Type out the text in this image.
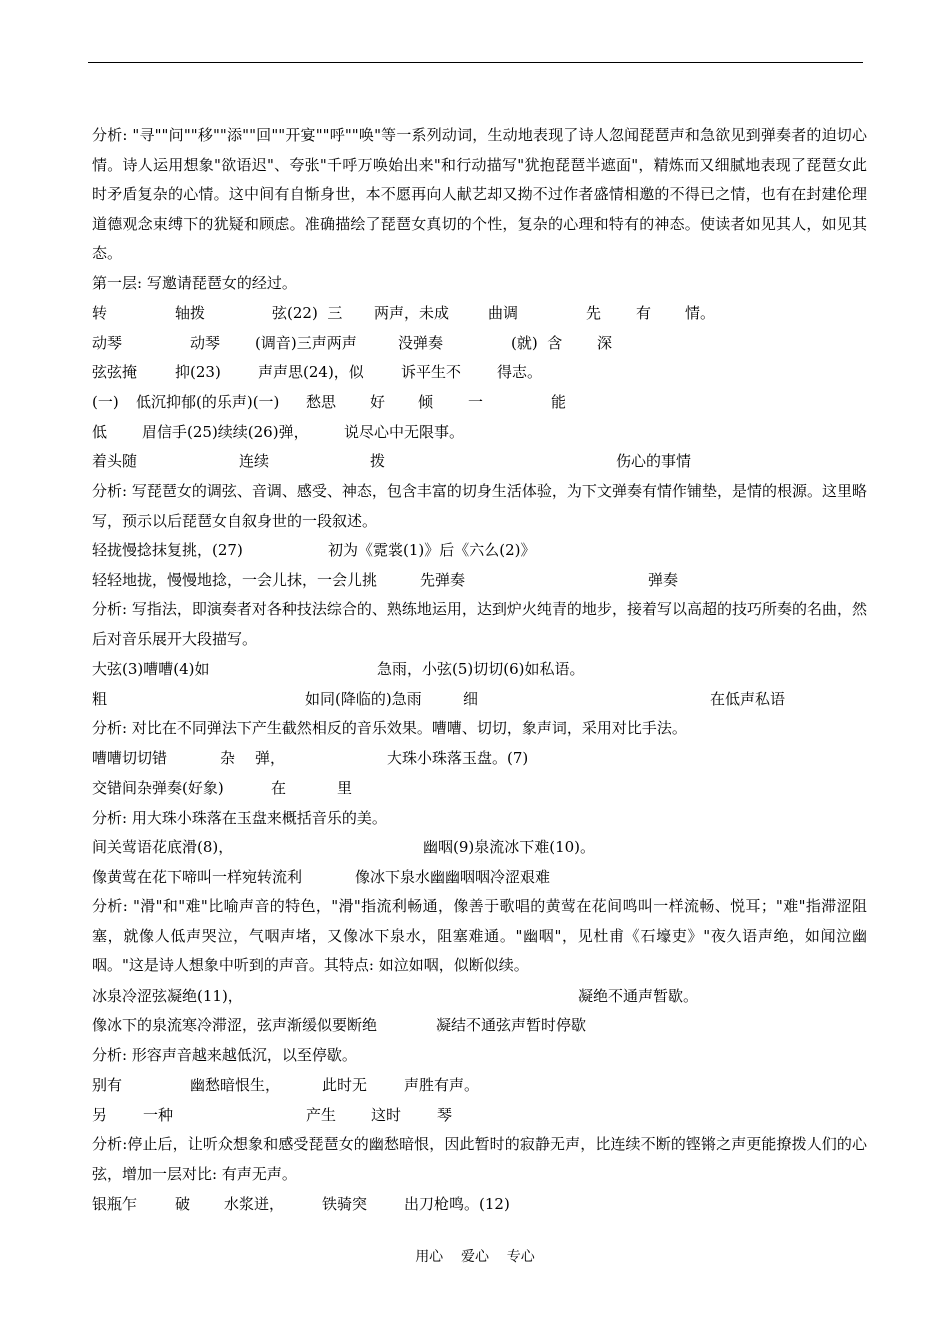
分析: "寻""问""移""添""回""开宴""呼""唤"等一系列动词，生动地表现了诗人忽闻琵琶声和急欲见到弹奏者的迫切心情。诗人运用想象"欲语迟"、夸张"千呼万唤始出来"和行动描写"犹抱琵琶半遮面"，精炼而又细腻地表现了琵琶女此时矛盾复杂的心情。这中间有自惭身世，本不愿再向人献艺却又拗不过作者盛情相邀的不得已之情，也有在封建伦理道德观念束缚下的犹疑和顾虑。准确描绘了琵琶女真切的个性，复杂的心理和特有的神态。使读者如见其人，如见其态。
第一层: 写邀请琵琶女的经过。
转	轴拨	弦(22)  三 两声，未成	曲调	先 有 情。
动琴	动琴 (调音)三声两声	没弹奏	(就)  含 深
弦弦掩	抑(23) 声声思(24)，似 诉平生不 得志。
(一) 低沉抑郁(的乐声)(一) 愁思 好 倾 一	能
低 眉信手(25)续续(26)弹， 说尽心中无限事。
着头随	连续	拨	伤心的事情
分析: 写琵琶女的调弦、音调、感受、神态，包含丰富的切身生活体验，为下文弹奏有情作铺垫，是情的根源。这里略写，预示以后琵琶女自叙身世的一段叙述。
轻拢慢捻抹复挑，(27)	初为《霓裳(1)》后《六么(2)》
轻轻地拢，慢慢地捻，一会儿抹，一会儿挑	先弹奏	弹奏
分析: 写指法，即演奏者对各种技法综合的、熟练地运用，达到炉火纯青的地步，接着写以高超的技巧所奏的名曲，然后对音乐展开大段描写。
大弦(3)嘈嘈(4)如	急雨，小弦(5)切切(6)如私语。
粗	如同(降临的)急雨	细	在低声私语
分析: 对比在不同弹法下产生截然相反的音乐效果。嘈嘈、切切，象声词，采用对比手法。
嘈嘈切切错	杂 弹，	大珠小珠落玉盘。(7)
交错间杂弹奏(好象)	在	里
分析: 用大珠小珠落在玉盘来概括音乐的美。
间关莺语花底滑(8)，	幽咽(9)泉流冰下难(10)。
像黄莺在花下啼叫一样宛转流利	像冰下泉水幽幽咽咽冷涩艰难
分析: "滑"和"难"比喻声音的特色，"滑"指流利畅通，像善于歌唱的黄莺在花间鸣叫一样流畅、悦耳；"难"指滞涩阻塞，就像人低声哭泣，气咽声堵，又像冰下泉水，阻塞难通。"幽咽"，见杜甫《石壕吏》"夜久语声绝，如闻泣幽咽。"这是诗人想象中听到的声音。其特点: 如泣如咽，似断似续。
冰泉冷涩弦凝绝(11)，	凝绝不通声暂歇。
像冰下的泉流寒冷滞涩，弦声渐缓似要断绝	凝结不通弦声暂时停歇
分析: 形容声音越来越低沉，以至停歇。
别有	幽愁暗恨生，	此时无 声胜有声。
另 一种	产生 这时 琴
分析:停止后，让听众想象和感受琵琶女的幽愁暗恨，因此暂时的寂静无声，比连续不断的铿锵之声更能撩拨人们的心弦，增加一层对比: 有声无声。
银瓶乍	破 水浆迸，	铁骑突 出刀枪鸣。(12)
用心    爱心    专心
